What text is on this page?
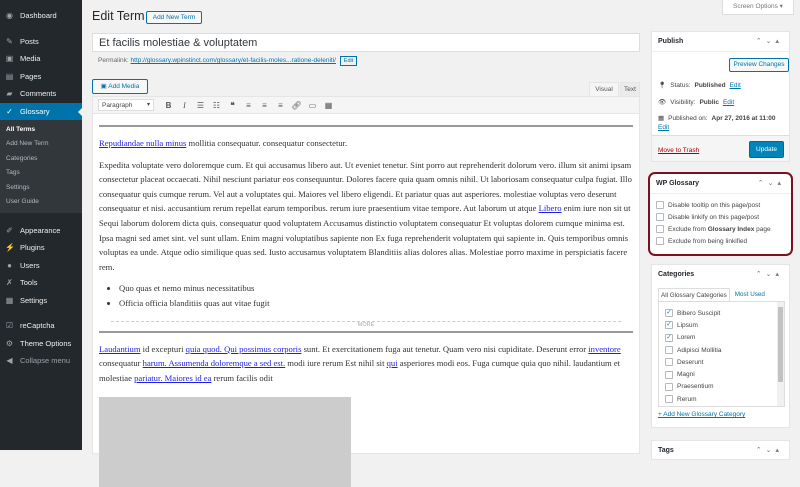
◉ Dashboard
✎ Posts
▣ Media
▤ Pages
▰ Comments
✓ Glossary
All Terms
Add New Term
Categories
Tags
Settings
User Guide
✐ Appearance
⚡ Plugins
● Users
✗ Tools
▦ Settings
☑ reCaptcha
⚙ Theme Options
◀ Collapse menu
Screen Options ▾
Edit Term	Add New Term
Et facilis molestiae & voluptatem
Permalink: http://glossary.wpinstinct.com/glossary/et-facilis-moles...ratione-deleniti/ Edit
▣ Add Media	Visual	Text
Paragraph ▾	B	I	☰	☷	❝	≡	≡	≡	🔗︎ ▭	▦

Repudiandae nulla minus mollitia consequatur. consequatur consectetur.

Expedita voluptate vero doloremque cum. Et qui accusamus libero aut. Ut eveniet tenetur. Sint porro aut reprehenderit dolorum vero. illum sit animi ipsam consectetur placeat occaecati. Nihil nesciunt pariatur eos consequuntur. Dolores facere quia quam omnis nihil. Ut laboriosam consequatur culpa fugiat. Illo consequatur quis cumque rerum. Vel aut a voluptates qui. Maiores vel libero eligendi. Et pariatur quas aut asperiores. molestiae voluptas vero deserunt consequatur et nisi. accusantium rerum repellat earum temporibus. rerum iure praesentium vitae tempore. Aut laborum ut atque Libero enim iure non sit ut Sequi laborum dolorem dicta quis. consequatur quod voluptatem Accusamus distinctio voluptatem consequatur Et voluptas dolorem cumque minima est. Ipsa magni sed amet sint. vel sunt ullam. Enim magni voluptatibus sapiente non Ex fuga reprehenderit voluptatem qui sapiente in. Quis temporibus omnis voluptas ea unde. Atque odio similique quas sed. Iusto accusamus voluptatem Blanditiis alias dolores alias. Molestiae porro maxime in perspiciatis facere rem.

• Quo quas et nemo minus necessitatibus
• Officia officia blanditiis quas aut vitae fugit
$^{MORE}$

Laudantium id excepturi quia quod. Qui possimus corporis sunt. Et exercitationem fuga aut tenetur. Quam vero nisi cupiditate. Deserunt error inventore consequatur harum. Assumenda doloremque a sed est. modi iure rerum Est nihil sit qui asperiores modi eos. Fuga cumque quia quo nihil. laudantium et molestiae pariatur. Maiores id ea rerum facilis odit

Publish	⌃⌄▴
Preview Changes
📍︎ Status: Published Edit
👁︎ Visibility: Public Edit
▦ Published on: Apr 27, 2016 at 11:00
Edit
Move to Trash	Update
WP Glossary	⌃⌄▴
Disable tooltip on this page/post
Disable linkify on this page/post
Exclude from Glossary Index page
Exclude from being linkified
Categories	⌃⌄▴
All Glossary Categories	Most Used
✓ Bibero Suscipit
✓ Lipsum
✓ Lorem
Adipisci Mollitia
Deserunt
Magni
Praesentium
Rerum
+ Add New Glossary Category
Tags	⌃⌄▴
